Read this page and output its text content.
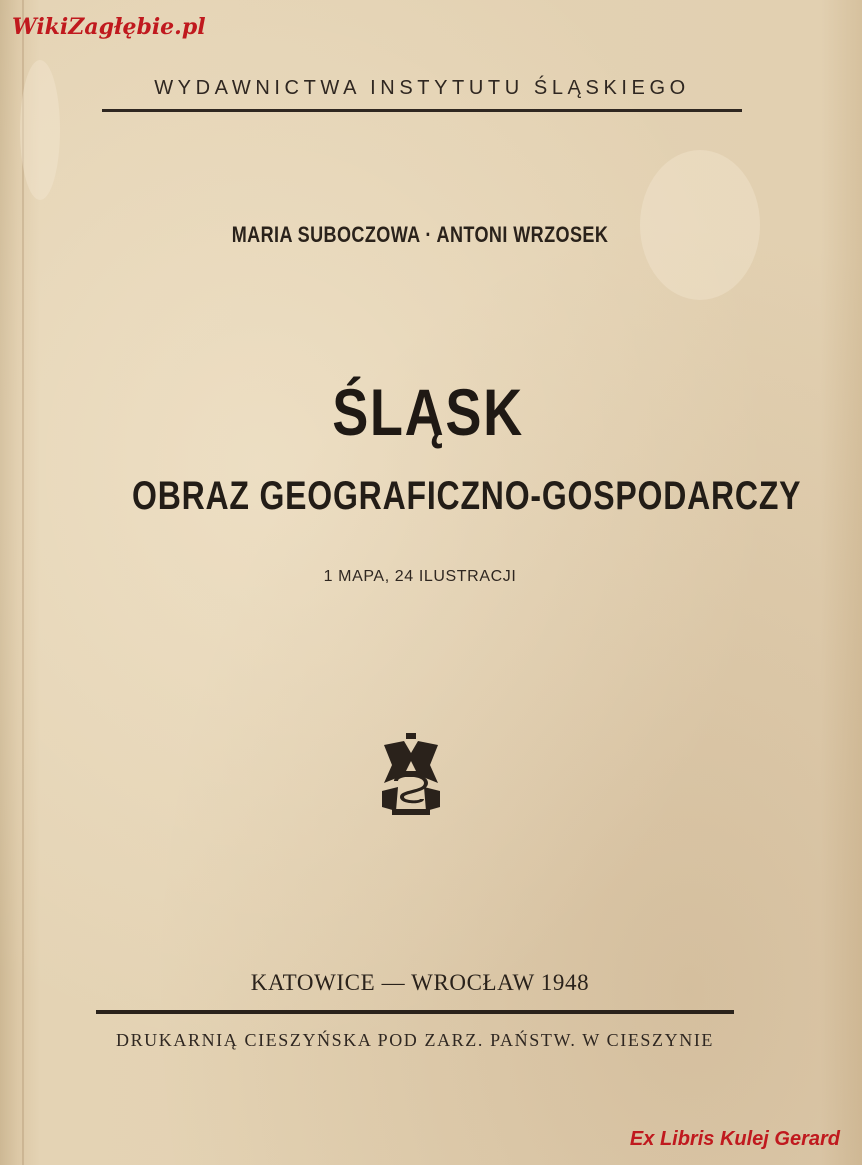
WikiZagłębie.pl
WYDAWNICTWA INSTYTUTU ŚLĄSKIEGO
MARIA SUBOCZOWA · ANTONI WRZOSEK
ŚLĄSK
OBRAZ GEOGRAFICZNO-GOSPODARCZY
1 MAPA, 24 ILUSTRACJI
KATOWICE — WROCŁAW 1948
DRUKARNIĄ CIESZYŃSKA POD ZARZ. PAŃSTW. W CIESZYNIE
Ex Libris Kulej Gerard
